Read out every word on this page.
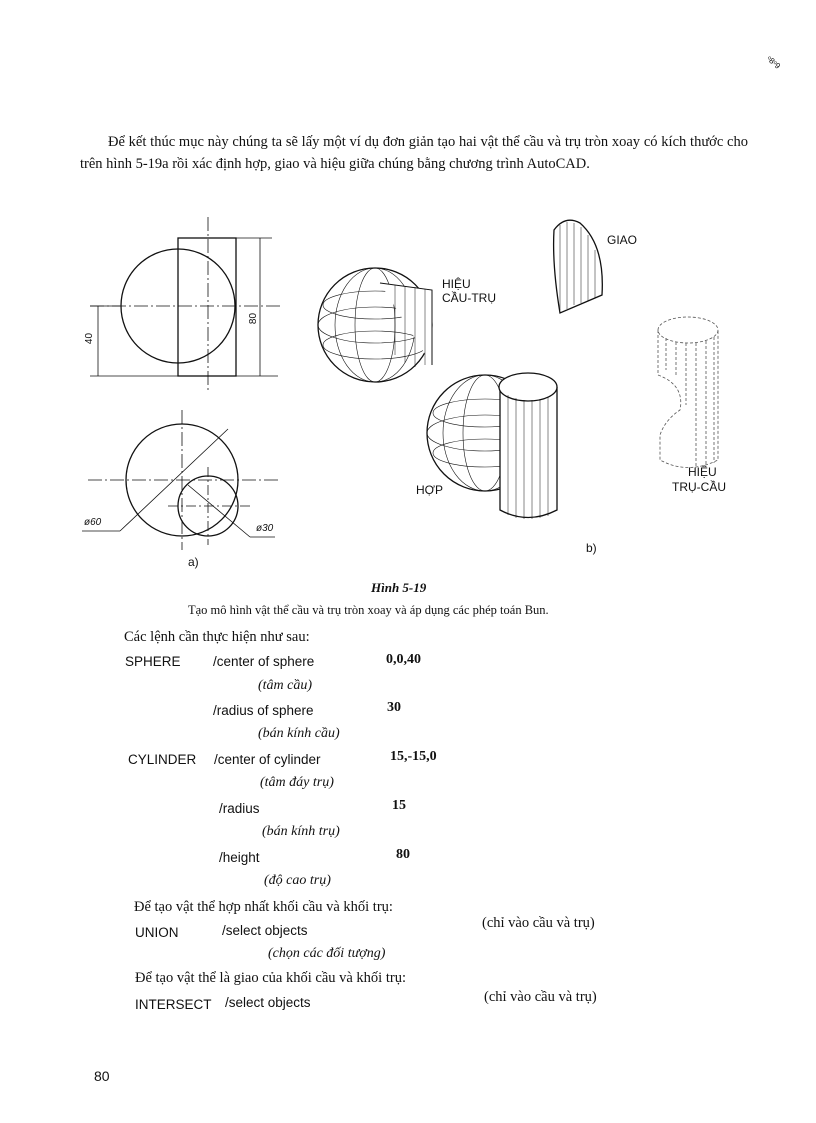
ᵒ8ᵒ9
Để kết thúc mục này chúng ta sẽ lấy một ví dụ đơn giản tạo hai vật thể cầu và trụ tròn xoay có kích thước cho trên hình 5-19a rồi xác định hợp, giao và hiệu giữa chúng bằng chương trình AutoCAD.
40
80
ø60
ø30
a)
b)
GIAO
HIỆU
CẦU-TRỤ
HỢP
HIỆU
TRỤ-CẦU
Hình 5-19
Tạo mô hình vật thể cầu và trụ tròn xoay và áp dụng các phép toán Bun.
Các lệnh cần thực hiện như sau:
SPHERE /center of sphere	0,0,40
(tâm cầu)
/radius of sphere	30
(bán kính cầu)
CYLINDER /center of cylinder	15,-15,0
(tâm đáy trụ)
/radius	15
(bán kính trụ)
/height	80
(độ cao trụ)
Để tạo vật thể hợp nhất khối cầu và khối trụ:
UNION	/select objects	(chỉ vào cầu và trụ)
(chọn các đối tượng)
Để tạo vật thể là giao của khối cầu và khối trụ:
INTERSECT /select objects	(chỉ vào cầu và trụ)
80
